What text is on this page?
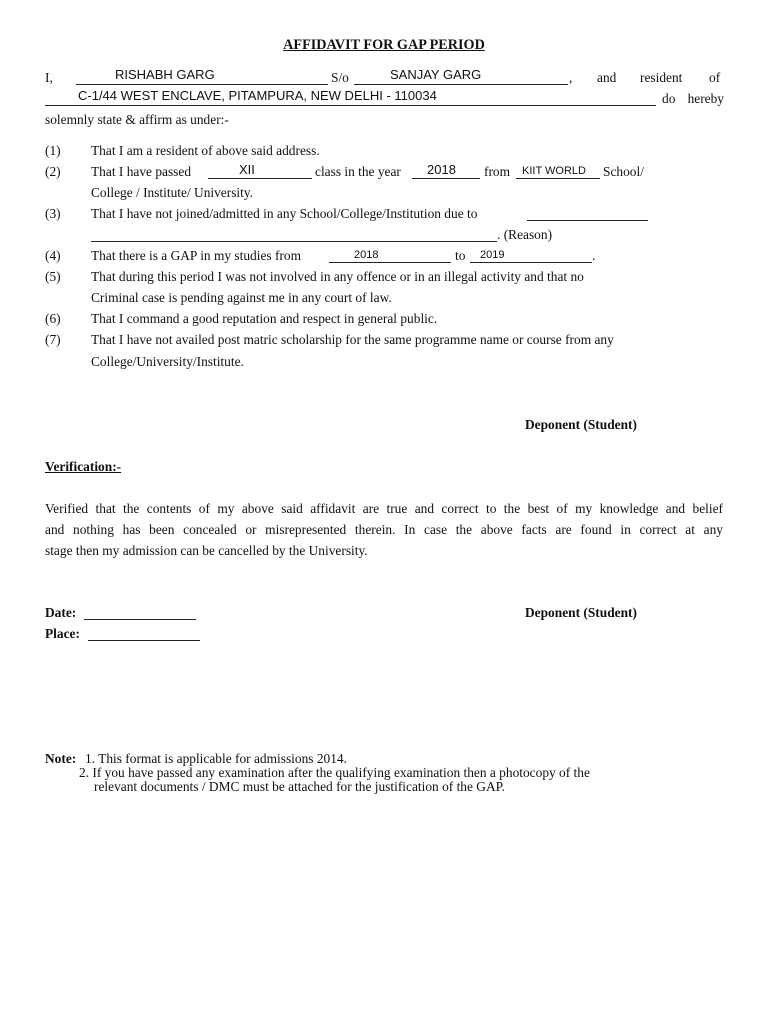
AFFIDAVIT FOR GAP PERIOD
I,	RISHABH GARG	S/o	SANJAY GARG	, and resident of
C-1/44 WEST ENCLAVE, PITAMPURA, NEW DELHI - 110034	do hereby
solemnly state & affirm as under:-
(1) That I am a resident of above said address.
(2) That I have passed	XII	class in the year 2018 from KIIT WORLD School/
College / Institute/ University.
(3) That I have not joined/admitted in any School/College/Institution due to
. (Reason)
(4) That there is a GAP in my studies from	2018	to 2019	.
(5) That during this period I was not involved in any offence or in an illegal activity and that no
Criminal case is pending against me in any court of law.
(6) That I command a good reputation and respect in general public.
(7) That I have not availed post matric scholarship for the same programme name or course from any
College/University/Institute.
Deponent (Student)
Verification:-
Verified that the contents of my above said affidavit are true and correct to the best of my knowledge and belief
and nothing has been concealed or misrepresented therein. In case the above facts are found in correct at any
stage then my admission can be cancelled by the University.
Date:	Deponent (Student)
Place:
Note: 1. This format is applicable for admissions 2014.
2. If you have passed any examination after the qualifying examination then a photocopy of the
relevant documents / DMC must be attached for the justification of the GAP.
